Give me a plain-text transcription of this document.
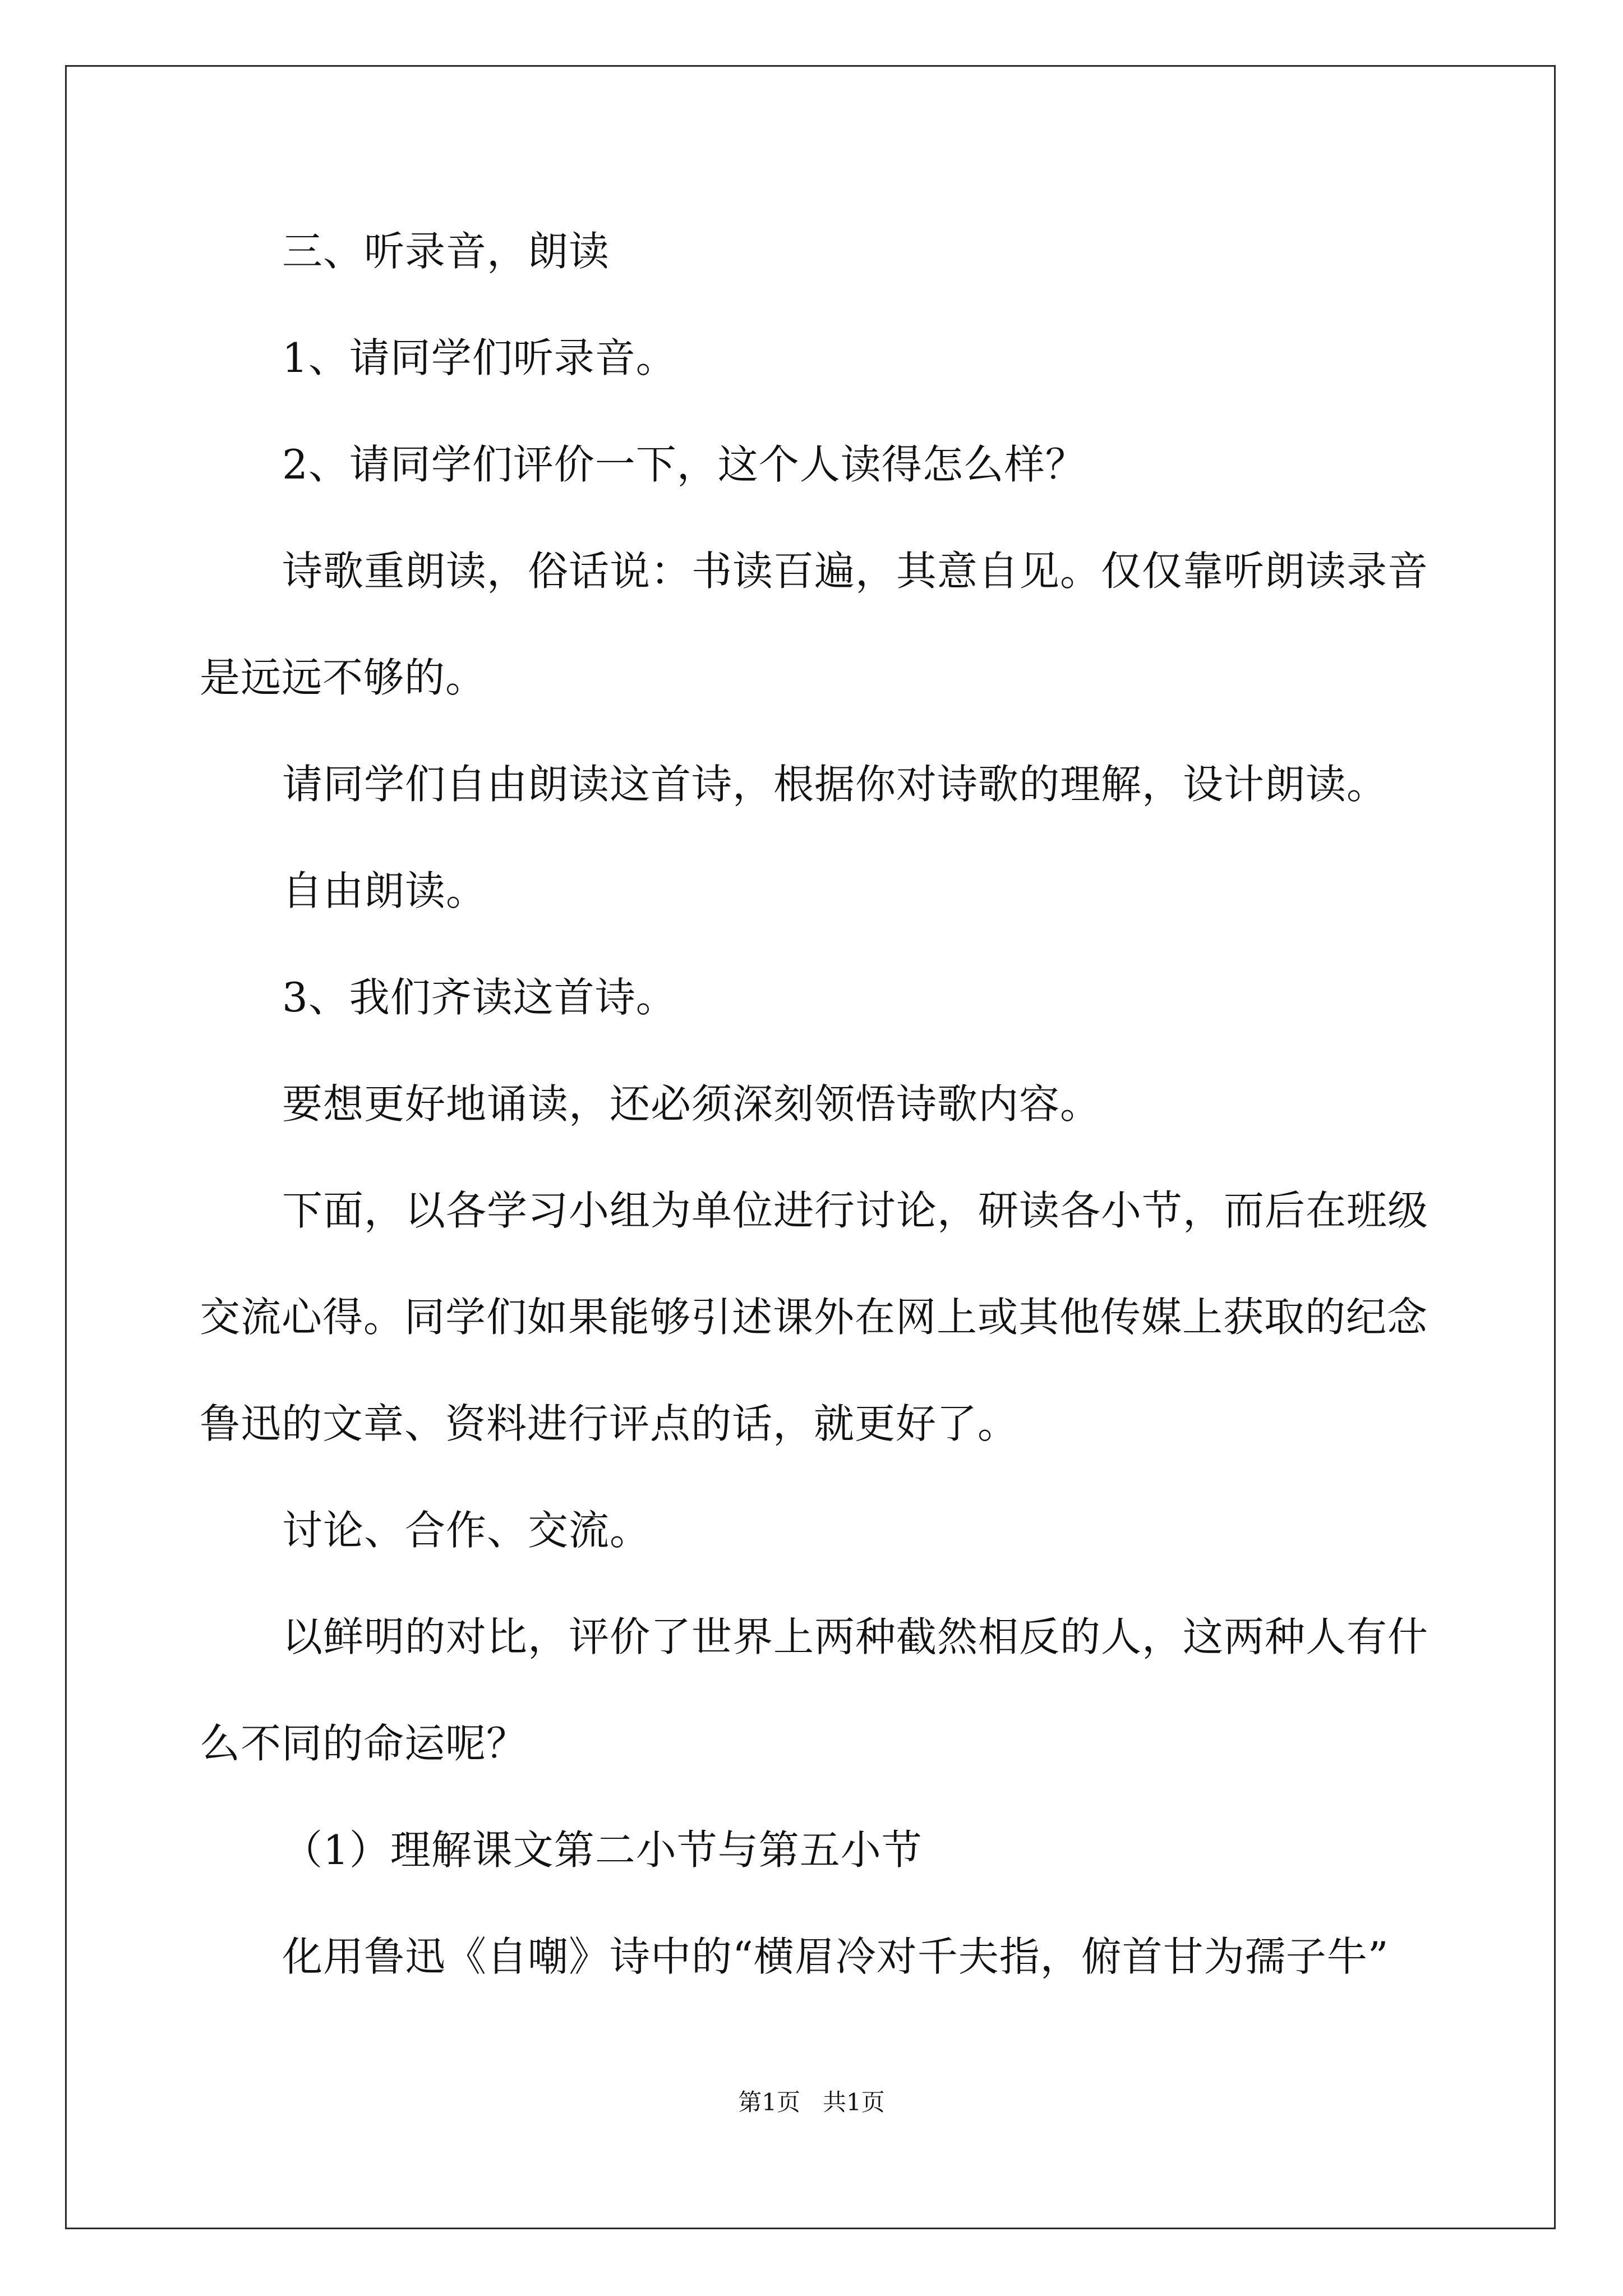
三、听录音，朗读
1、请同学们听录音。
2、请同学们评价一下，这个人读得怎么样？
诗歌重朗读，俗话说：书读百遍，其意自见。仅仅靠听朗读录音
是远远不够的。
请同学们自由朗读这首诗，根据你对诗歌的理解，设计朗读。
自由朗读。
3、我们齐读这首诗。
要想更好地诵读，还必须深刻领悟诗歌内容。
下面，以各学习小组为单位进行讨论，研读各小节，而后在班级
交流心得。同学们如果能够引述课外在网上或其他传媒上获取的纪念
鲁迅的文章、资料进行评点的话，就更好了。
讨论、合作、交流。
以鲜明的对比，评价了世界上两种截然相反的人，这两种人有什
么不同的命运呢？
（1）理解课文第二小节与第五小节
化用鲁迅《自嘲》诗中的“横眉冷对千夫指，俯首甘为孺子牛”
第1页   共1页
